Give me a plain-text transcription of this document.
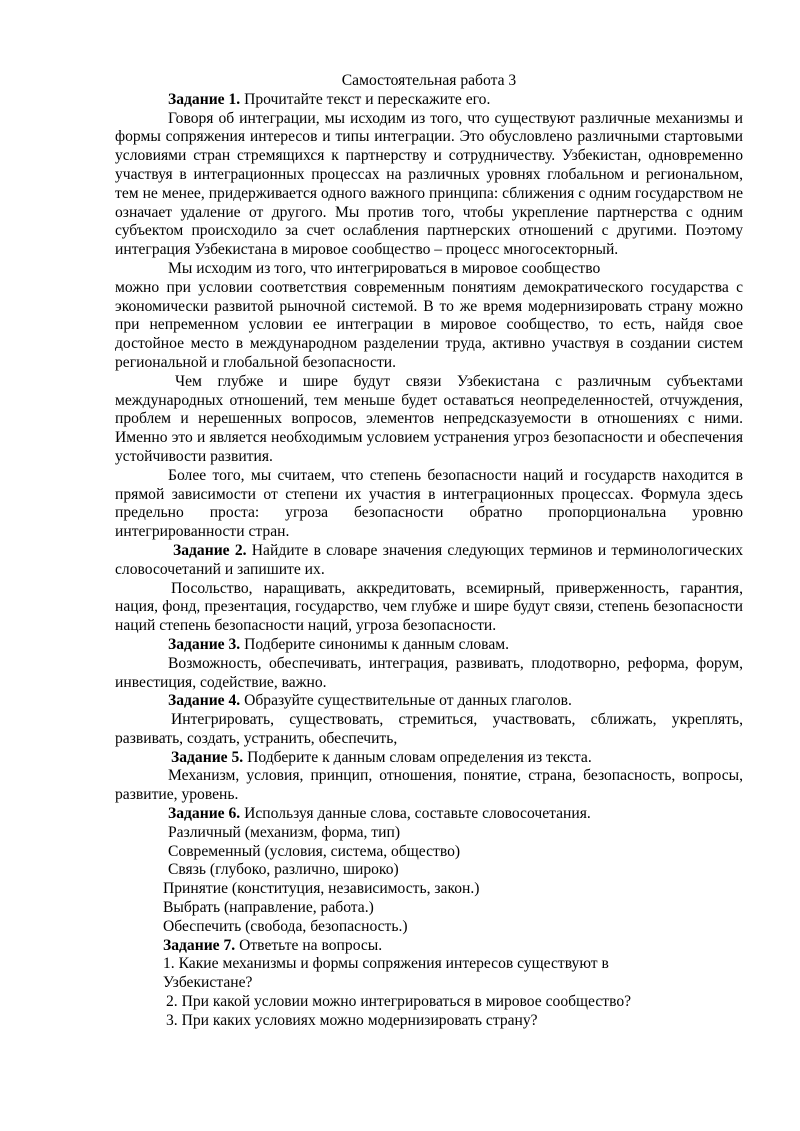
Самостоятельная работа 3

Задание 1. Прочитайте текст и перескажите его.

Говоря об интеграции, мы исходим из того, что существуют различные механизмы и формы сопряжения интересов и типы интеграции. Это обусловлено различными стартовыми условиями стран стремящихся к партнерству и сотрудничеству. Узбекистан, одновременно участвуя в интеграционных процессах на различных уровнях глобальном и региональном, тем не менее, придерживается одного важного принципа: сближения с одним государством не означает удаление от другого. Мы против того, чтобы укрепление партнерства с одним субъектом происходило за счет ослабления партнерских отношений с другими. Поэтому интеграция Узбекистана в мировое сообщество – процесс многосекторный.

Мы исходим из того, что интегрироваться в мировое сообщество

можно при условии соответствия современным понятиям демократического государства с экономически развитой рыночной системой. В то же время модернизировать страну можно при непременном условии ее интеграции в мировое сообщество, то есть, найдя свое достойное место в международном разделении труда, активно участвуя в создании систем региональной и глобальной безопасности.

Чем глубже и шире будут связи Узбекистана с различным субъектами международных отношений, тем меньше будет оставаться неопределенностей, отчуждения, проблем и нерешенных вопросов, элементов непредсказуемости в отношениях с ними. Именно это и является необходимым условием устранения угроз безопасности и обеспечения устойчивости развития.

Более того, мы считаем, что степень безопасности наций и государств находится в прямой зависимости от степени их участия в интеграционных процессах. Формула здесь предельно проста: угроза безопасности обратно пропорциональна уровню интегрированности стран.

Задание 2. Найдите в словаре значения следующих терминов и терминологических словосочетаний и запишите их.

Посольство, наращивать, аккредитовать, всемирный, приверженность, гарантия, нация, фонд, презентация, государство, чем глубже и шире будут связи, степень безопасности наций степень безопасности наций, угроза безопасности.

Задание 3. Подберите синонимы к данным словам.

Возможность, обеспечивать, интеграция, развивать, плодотворно, реформа, форум, инвестиция, содействие, важно.

Задание 4. Образуйте существительные от данных глаголов.

Интегрировать, существовать, стремиться, участвовать, сближать, укреплять, развивать, создать, устранить, обеспечить,

Задание 5. Подберите к данным словам определения из текста.

Механизм, условия, принцип, отношения, понятие, страна, безопасность, вопросы, развитие, уровень.

Задание 6. Используя данные слова, составьте словосочетания.

Различный (механизм, форма, тип)

Современный (условия, система, общество)

Связь (глубоко, различно, широко)

Принятие (конституция, независимость, закон.)

Выбрать (направление, работа.)

Обеспечить (свобода, безопасность.)

Задание 7. Ответьте на вопросы.

1. Какие механизмы и формы сопряжения интересов существуют в

Узбекистане?

2. При какой условии можно интегрироваться в мировое сообщество?

3. При каких условиях можно модернизировать страну?
